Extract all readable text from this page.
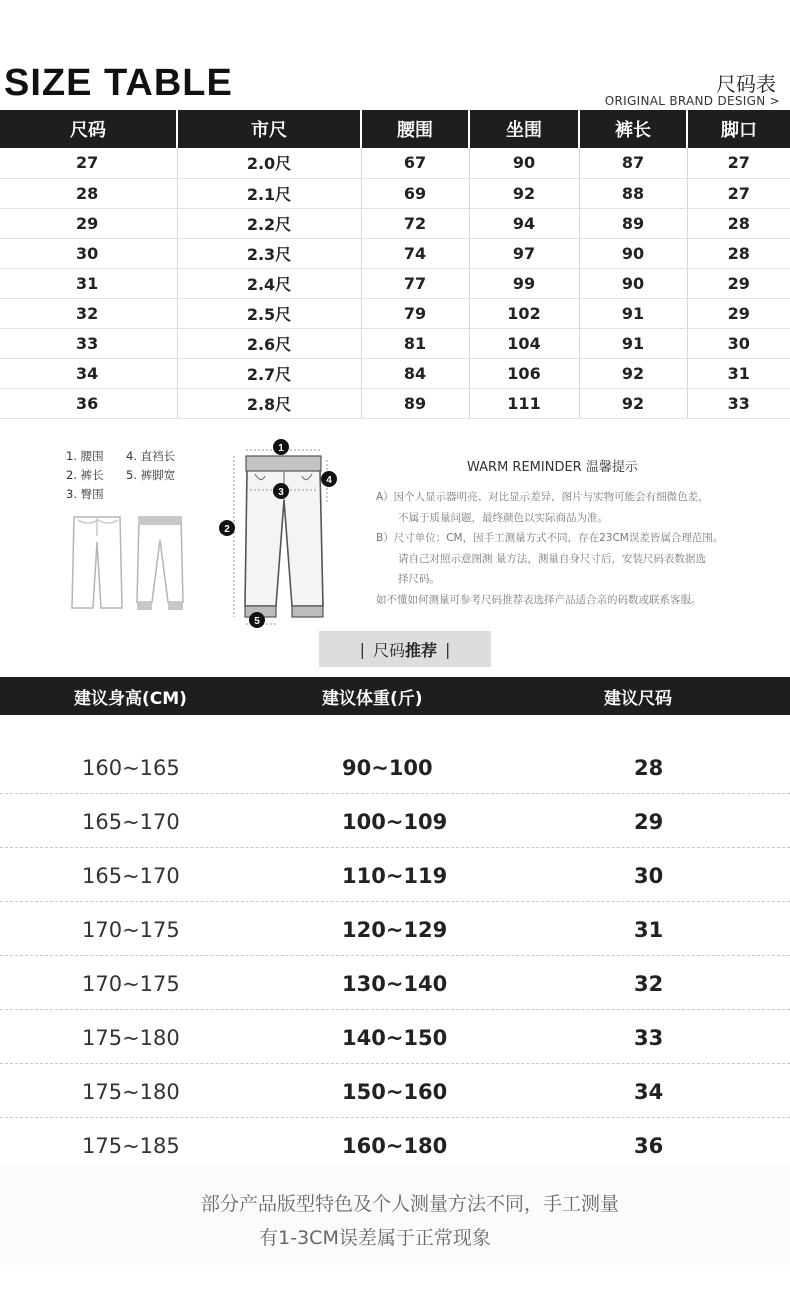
SIZE TABLE	尺码表
ORIGINAL BRAND DESIGN >
尺码	市尺	腰围	坐围	裤长	脚口
27	2.0尺	67	90	87	27
28	2.1尺	69	92	88	27
29	2.2尺	72	94	89	28
30	2.3尺	74	97	90	28
31	2.4尺	77	99	90	29
32	2.5尺	79	102	91	29
33	2.6尺	81	104	91	30
34	2.7尺	84	106	92	31
36	2.8尺	89	111	92	33
1. 腰围	4. 直裆长
2. 裤长	5. 裤脚宽
3. 臀围
1
2
3
4
5
WARM REMINDER 温馨提示

A）因个人显示器明亮、对比显示差异，图片与实物可能会有细微色差，

不属于质量问题，最终颜色以实际商品为准。

B）尺寸单位：CM，因手工测量方式不同，存在23CM误差皆属合理范围。

请自己对照示意图测 量方法，测量自身尺寸后，安装尺码表数据选

择尺码。

如不懂如何测量可参考尺码推荐表选择产品适合亲的码数或联系客服。

| 尺码 推荐 |
建议身高(CM)	建议体重(斤)	建议尺码
160~165	90~100	28
165~170	100~109	29
165~170	110~119	30
170~175	120~129	31
170~175	130~140	32
175~180	140~150	33
175~180	150~160	34
175~185	160~180	36

部分产品版型特色及个人测量方法不同，手工测量

有1-3CM误差属于正常现象
